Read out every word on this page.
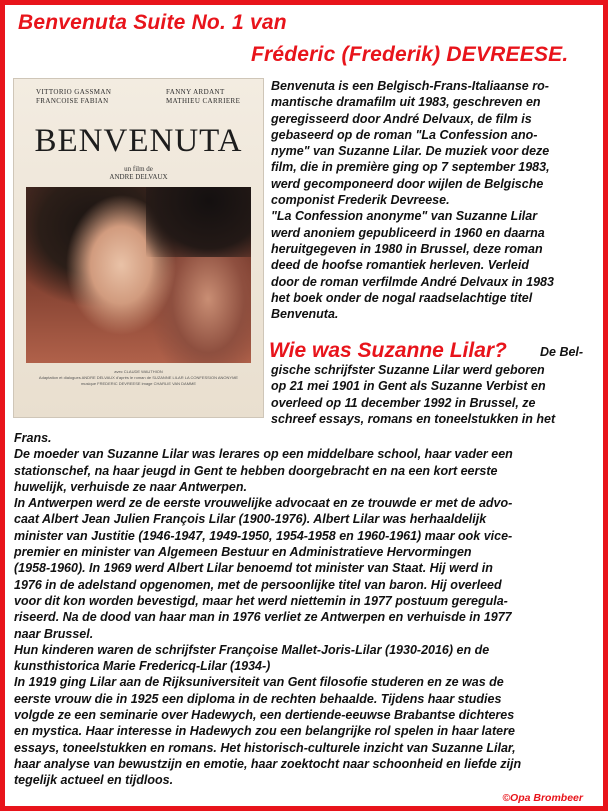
Benvenuta Suite No. 1 van
Fréderic (Frederik) DEVREESE.
VITTORIO GASSMAN
FRANCOISE FABIAN
FANNY ARDANT
MATHIEU CARRIERE
BENVENUTA
un film de
ANDRE DELVAUX
avec CLAUDE WAUTHION
Adaptation et dialogues ANDRE DELVAUX d'après le roman de SUZANNE LILAR LA CONFESSION ANONYME
musique FREDERIC DEVREESE image CHARLIE VAN DAMME
Benvenuta is een Belgisch-Frans-Italiaanse ro-
mantische dramafilm uit 1983, geschreven en
geregisseerd door André Delvaux, de film is
gebaseerd op de roman "La Confession ano-
nyme" van Suzanne Lilar. De muziek voor deze
film, die in première ging op 7 september 1983,
werd gecomponeerd door wijlen de Belgische
componist Frederik Devreese.
"La Confession anonyme" van Suzanne Lilar
werd anoniem gepubliceerd in 1960 en daarna
heruitgegeven in 1980 in Brussel, deze roman
deed de hoofse romantiek herleven. Verleid
door de roman verfilmde André Delvaux in 1983
het boek onder de nogal raadselachtige titel
Benvenuta.
Wie was Suzanne Lilar?	De Bel-
gische schrijfster Suzanne Lilar werd geboren
op 21 mei 1901 in Gent als Suzanne Verbist en
overleed op 11 december 1992 in Brussel, ze
schreef essays, romans en toneelstukken in het
Frans.
De moeder van Suzanne Lilar was lerares op een middelbare school, haar vader een
stationschef, na haar jeugd in Gent te hebben doorgebracht en na een kort eerste
huwelijk, verhuisde ze naar Antwerpen.
In Antwerpen werd ze de eerste vrouwelijke advocaat en ze trouwde er met de advo-
caat Albert Jean Julien François Lilar (1900-1976). Albert Lilar was herhaaldelijk
minister van Justitie (1946-1947, 1949-1950, 1954-1958 en 1960-1961) maar ook vice-
premier en minister van Algemeen Bestuur en Administratieve Hervormingen
(1958-1960). In 1969 werd Albert Lilar benoemd tot minister van Staat. Hij werd in
1976 in de adelstand opgenomen, met de persoonlijke titel van baron. Hij overleed
voor dit kon worden bevestigd, maar het werd niettemin in 1977 postuum geregula-
riseerd. Na de dood van haar man in 1976 verliet ze Antwerpen en verhuisde in 1977
naar Brussel.
Hun kinderen waren de schrijfster Françoise Mallet-Joris-Lilar (1930-2016) en de
kunsthistorica Marie Fredericq-Lilar (1934-)
In 1919 ging Lilar aan de Rijksuniversiteit van Gent filosofie studeren en ze was de
eerste vrouw die in 1925 een diploma in de rechten behaalde. Tijdens haar studies
volgde ze een seminarie over Hadewych, een dertiende-eeuwse Brabantse dichteres
en mystica. Haar interesse in Hadewych zou een belangrijke rol spelen in haar latere
essays, toneelstukken en romans. Het historisch-culturele inzicht van Suzanne Lilar,
haar analyse van bewustzijn en emotie, haar zoektocht naar schoonheid en liefde zijn
tegelijk actueel en tijdloos.
©Opa Brombeer
